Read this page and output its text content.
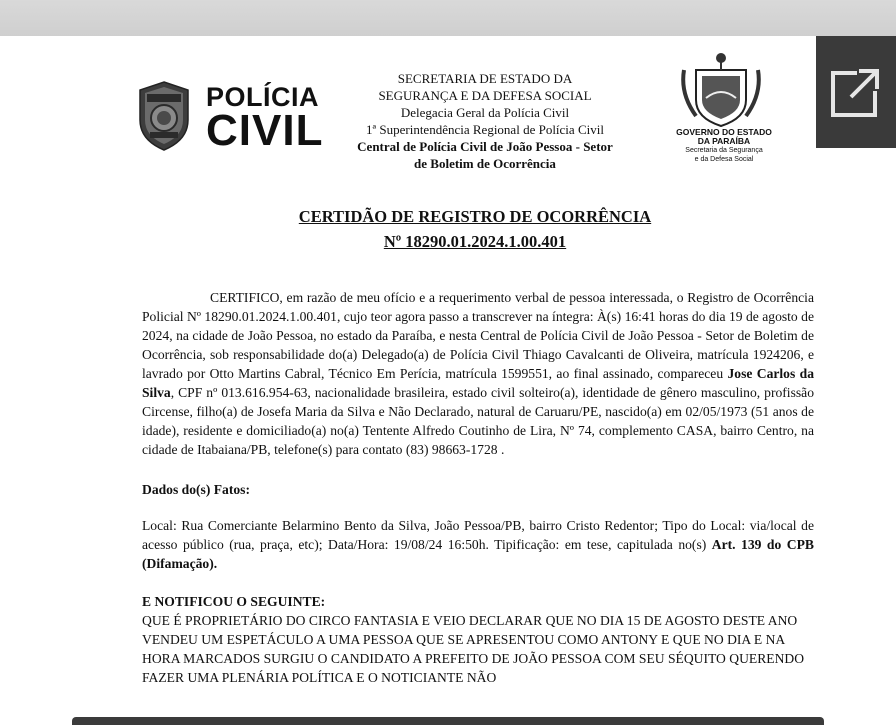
POLÍCIA
CIVIL
SECRETARIA DE ESTADO DA
SEGURANÇA E DA DEFESA SOCIAL
Delegacia Geral da Polícia Civil
1ª Superintendência Regional de Polícia Civil
Central de Polícia Civil de João Pessoa - Setor
de Boletim de Ocorrência
GOVERNO DO ESTADO
DA PARAÍBA
Secretaria da Segurança
e da Defesa Social
CERTIDÃO DE REGISTRO DE OCORRÊNCIA
Nº 18290.01.2024.1.00.401

CERTIFICO, em razão de meu ofício e a requerimento verbal de pessoa interessada, o Registro de Ocorrência Policial Nº 18290.01.2024.1.00.401, cujo teor agora passo a transcrever na íntegra: À(s) 16:41 horas do dia 19 de agosto de 2024, na cidade de João Pessoa, no estado da Paraíba, e nesta Central de Polícia Civil de João Pessoa - Setor de Boletim de Ocorrência, sob responsabilidade do(a) Delegado(a) de Polícia Civil Thiago Cavalcanti de Oliveira, matrícula 1924206, e lavrado por Otto Martins Cabral, Técnico Em Perícia, matrícula 1599551, ao final assinado, compareceu Jose Carlos da Silva, CPF nº 013.616.954-63, nacionalidade brasileira, estado civil solteiro(a), identidade de gênero masculino, profissão Circense, filho(a) de Josefa Maria da Silva e Não Declarado, natural de Caruaru/PE, nascido(a) em 02/05/1973 (51 anos de idade), residente e domiciliado(a) no(a) Tentente Alfredo Coutinho de Lira, Nº 74, complemento CASA, bairro Centro, na cidade de Itabaiana/PB, telefone(s) para contato (83) 98663-1728 .

Dados do(s) Fatos:

Local: Rua Comerciante Belarmino Bento da Silva, João Pessoa/PB, bairro Cristo Redentor; Tipo do Local: via/local de acesso público (rua, praça, etc); Data/Hora: 19/08/24 16:50h. Tipificação: em tese, capitulada no(s) Art. 139 do CPB (Difamação).

E NOTIFICOU O SEGUINTE:

QUE É PROPRIETÁRIO DO CIRCO FANTASIA E VEIO DECLARAR QUE NO DIA 15 DE AGOSTO DESTE ANO VENDEU UM ESPETÁCULO A UMA PESSOA QUE SE APRESENTOU COMO ANTONY E QUE NO DIA E NA HORA MARCADOS SURGIU O CANDIDATO A PREFEITO DE JOÃO PESSOA COM SEU SÉQUITO QUERENDO FAZER UMA PLENÁRIA POLÍTICA E O NOTICIANTE NÃO
